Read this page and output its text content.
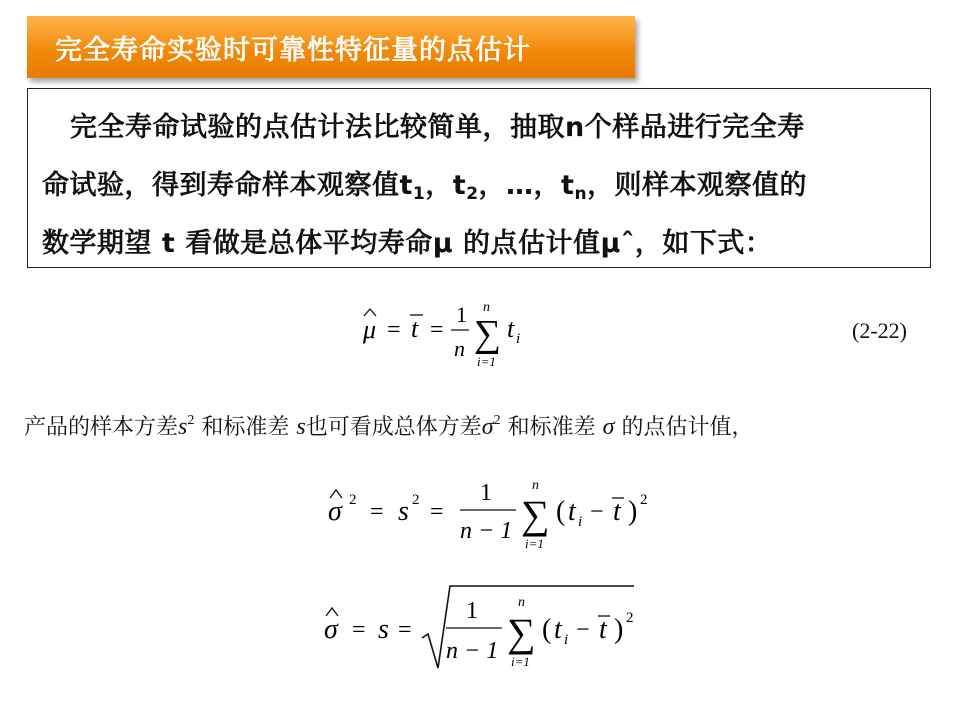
完全寿命实验时可靠性特征量的点估计
完全寿命试验的点估计法比较简单，抽取n个样品进行完全寿
命试验，得到寿命样本观察值$t_1$，$t_2$，…，$t_n$，则样本观察值的
数学期望 t 看做是总体平均寿命μ 的点估计值μˆ，如下式：
μ = t =
1
n
n
∑
i=1
t i	(2-22)
产品的样本方差$s^2$ 和标准差 s也可看成总体方差$\sigma^2$ 和标准差 σ 的点估计值，
σ 2 = s 2 =
1
n − 1
n
∑
i=1
( t i − t ) 2
σ = s =
1
n − 1
n
∑
i=1
( t i − t ) 2
